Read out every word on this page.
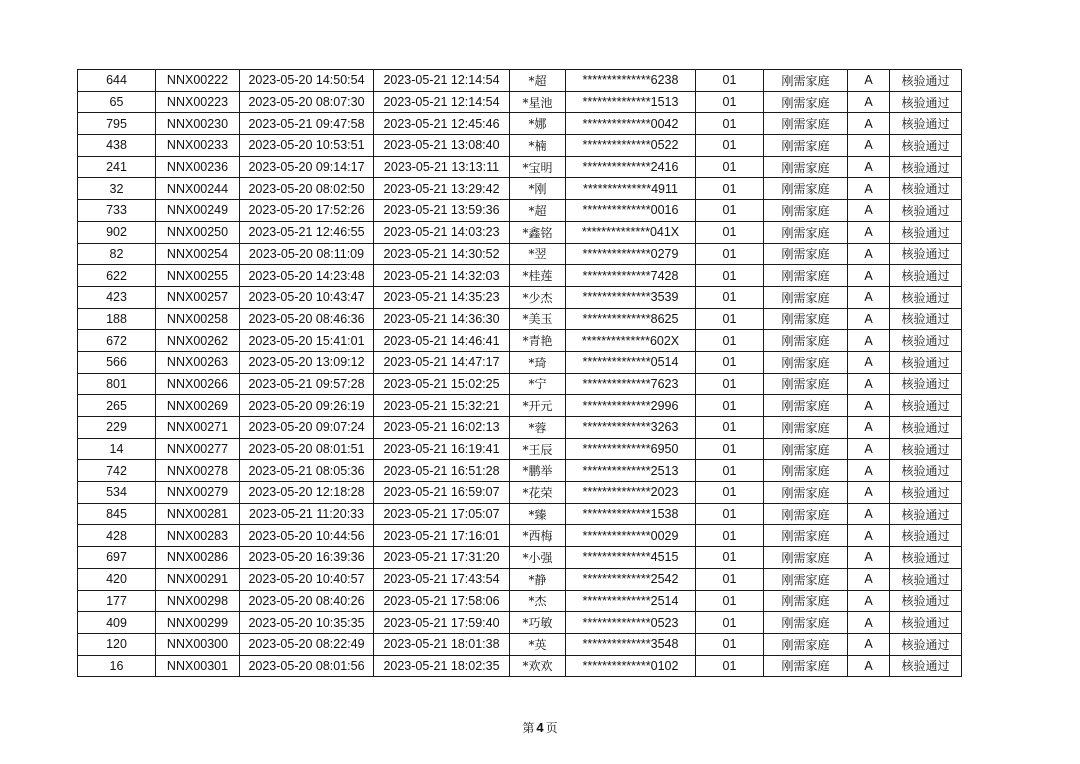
644	NNX00222	2023-05-20 14:50:54	2023-05-21 12:14:54	*超	**************6238	01	刚需家庭	A	核验通过
65	NNX00223	2023-05-20 08:07:30	2023-05-21 12:14:54	*星池	**************1513	01	刚需家庭	A	核验通过
795	NNX00230	2023-05-21 09:47:58	2023-05-21 12:45:46	*娜	**************0042	01	刚需家庭	A	核验通过
438	NNX00233	2023-05-20 10:53:51	2023-05-21 13:08:40	*楠	**************0522	01	刚需家庭	A	核验通过
241	NNX00236	2023-05-20 09:14:17	2023-05-21 13:13:11	*宝明	**************2416	01	刚需家庭	A	核验通过
32	NNX00244	2023-05-20 08:02:50	2023-05-21 13:29:42	*刚	**************4911	01	刚需家庭	A	核验通过
733	NNX00249	2023-05-20 17:52:26	2023-05-21 13:59:36	*超	**************0016	01	刚需家庭	A	核验通过
902	NNX00250	2023-05-21 12:46:55	2023-05-21 14:03:23	*鑫铭	**************041X	01	刚需家庭	A	核验通过
82	NNX00254	2023-05-20 08:11:09	2023-05-21 14:30:52	*翌	**************0279	01	刚需家庭	A	核验通过
622	NNX00255	2023-05-20 14:23:48	2023-05-21 14:32:03	*桂莲	**************7428	01	刚需家庭	A	核验通过
423	NNX00257	2023-05-20 10:43:47	2023-05-21 14:35:23	*少杰	**************3539	01	刚需家庭	A	核验通过
188	NNX00258	2023-05-20 08:46:36	2023-05-21 14:36:30	*美玉	**************8625	01	刚需家庭	A	核验通过
672	NNX00262	2023-05-20 15:41:01	2023-05-21 14:46:41	*青艳	**************602X	01	刚需家庭	A	核验通过
566	NNX00263	2023-05-20 13:09:12	2023-05-21 14:47:17	*琦	**************0514	01	刚需家庭	A	核验通过
801	NNX00266	2023-05-21 09:57:28	2023-05-21 15:02:25	*宁	**************7623	01	刚需家庭	A	核验通过
265	NNX00269	2023-05-20 09:26:19	2023-05-21 15:32:21	*开元	**************2996	01	刚需家庭	A	核验通过
229	NNX00271	2023-05-20 09:07:24	2023-05-21 16:02:13	*蓉	**************3263	01	刚需家庭	A	核验通过
14	NNX00277	2023-05-20 08:01:51	2023-05-21 16:19:41	*王辰	**************6950	01	刚需家庭	A	核验通过
742	NNX00278	2023-05-21 08:05:36	2023-05-21 16:51:28	*鹏举	**************2513	01	刚需家庭	A	核验通过
534	NNX00279	2023-05-20 12:18:28	2023-05-21 16:59:07	*花荣	**************2023	01	刚需家庭	A	核验通过
845	NNX00281	2023-05-21 11:20:33	2023-05-21 17:05:07	*臻	**************1538	01	刚需家庭	A	核验通过
428	NNX00283	2023-05-20 10:44:56	2023-05-21 17:16:01	*西梅	**************0029	01	刚需家庭	A	核验通过
697	NNX00286	2023-05-20 16:39:36	2023-05-21 17:31:20	*小强	**************4515	01	刚需家庭	A	核验通过
420	NNX00291	2023-05-20 10:40:57	2023-05-21 17:43:54	*静	**************2542	01	刚需家庭	A	核验通过
177	NNX00298	2023-05-20 08:40:26	2023-05-21 17:58:06	*杰	**************2514	01	刚需家庭	A	核验通过
409	NNX00299	2023-05-20 10:35:35	2023-05-21 17:59:40	*巧敏	**************0523	01	刚需家庭	A	核验通过
120	NNX00300	2023-05-20 08:22:49	2023-05-21 18:01:38	*英	**************3548	01	刚需家庭	A	核验通过
16	NNX00301	2023-05-20 08:01:56	2023-05-21 18:02:35	*欢欢	**************0102	01	刚需家庭	A	核验通过
第 4 页
